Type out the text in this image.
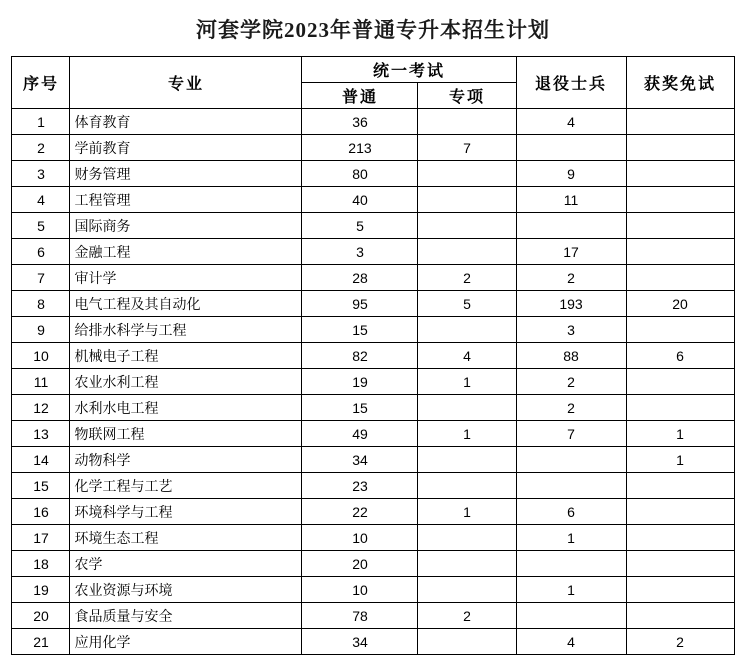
河套学院2023年普通专升本招生计划
序号	专业	统一考试		退役士兵	获奖免试
		普通	专项		
1	体育教育	36		4	
2	学前教育	213	7		
3	财务管理	80		9	
4	工程管理	40		11	
5	国际商务	5			
6	金融工程	3		17	
7	审计学	28	2	2	
8	电气工程及其自动化	95	5	193	20
9	给排水科学与工程	15		3	
10	机械电子工程	82	4	88	6
11	农业水利工程	19	1	2	
12	水利水电工程	15		2	
13	物联网工程	49	1	7	1
14	动物科学	34			1
15	化学工程与工艺	23			
16	环境科学与工程	22	1	6	
17	环境生态工程	10		1	
18	农学	20			
19	农业资源与环境	10		1	
20	食品质量与安全	78	2		
21	应用化学	34		4	2
